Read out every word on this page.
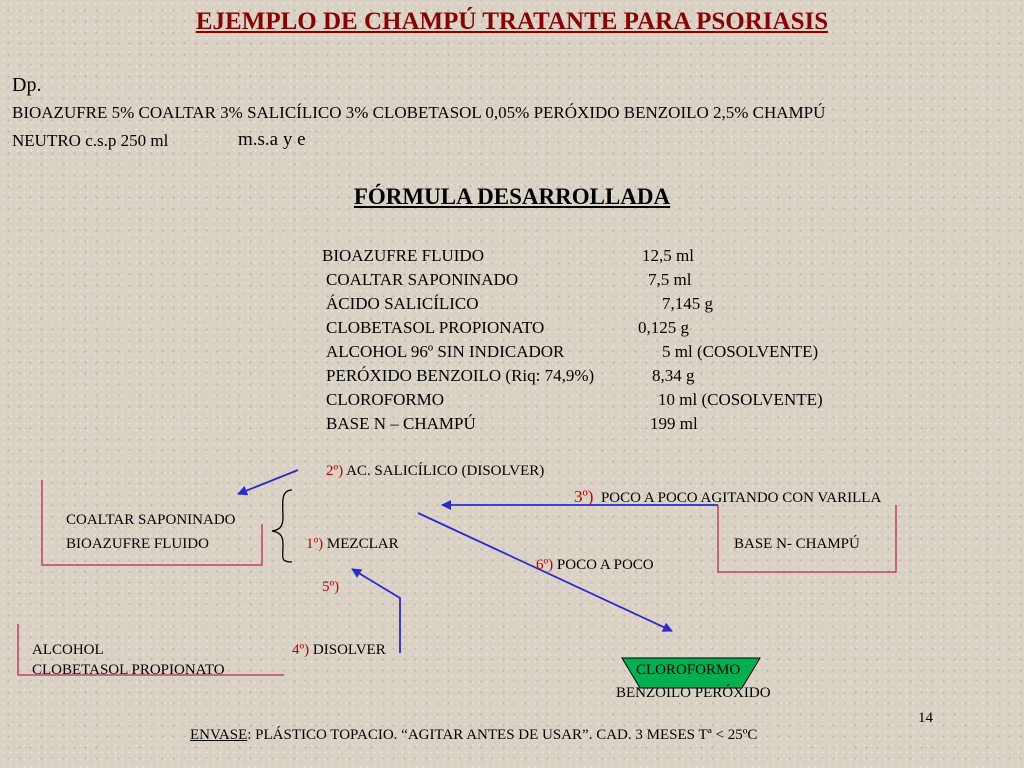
EJEMPLO DE CHAMPÚ TRATANTE PARA PSORIASIS
Dp.
BIOAZUFRE 5% COALTAR 3% SALICÍLICO 3% CLOBETASOL 0,05% PERÓXIDO BENZOILO 2,5% CHAMPÚ
NEUTRO c.s.p 250 ml	m.s.a y e
FÓRMULA DESARROLLADA
BIOAZUFRE FLUIDO	12,5 ml
COALTAR SAPONINADO	7,5 ml
ÁCIDO SALICÍLICO	7,145 g
CLOBETASOL PROPIONATO	0,125 g
ALCOHOL 96º SIN INDICADOR	5 ml (COSOLVENTE)
PERÓXIDO BENZOILO (Riq: 74,9%)	8,34 g
CLOROFORMO	10 ml (COSOLVENTE)
BASE N – CHAMPÚ	199 ml
2º) AC. SALICÍLICO (DISOLVER)
3º) POCO A POCO AGITANDO CON VARILLA
COALTAR SAPONINADO
BIOAZUFRE FLUIDO	1º) MEZCLAR	BASE N- CHAMPÚ
6º) POCO A POCO
5º)
ALCOHOL
CLOBETASOL PROPIONATO
4º) DISOLVER
CLOROFORMO
BENZOILO PERÓXIDO
14
ENVASE: PLÁSTICO TOPACIO. “AGITAR ANTES DE USAR”. CAD. 3 MESES Tª < 25ºC
